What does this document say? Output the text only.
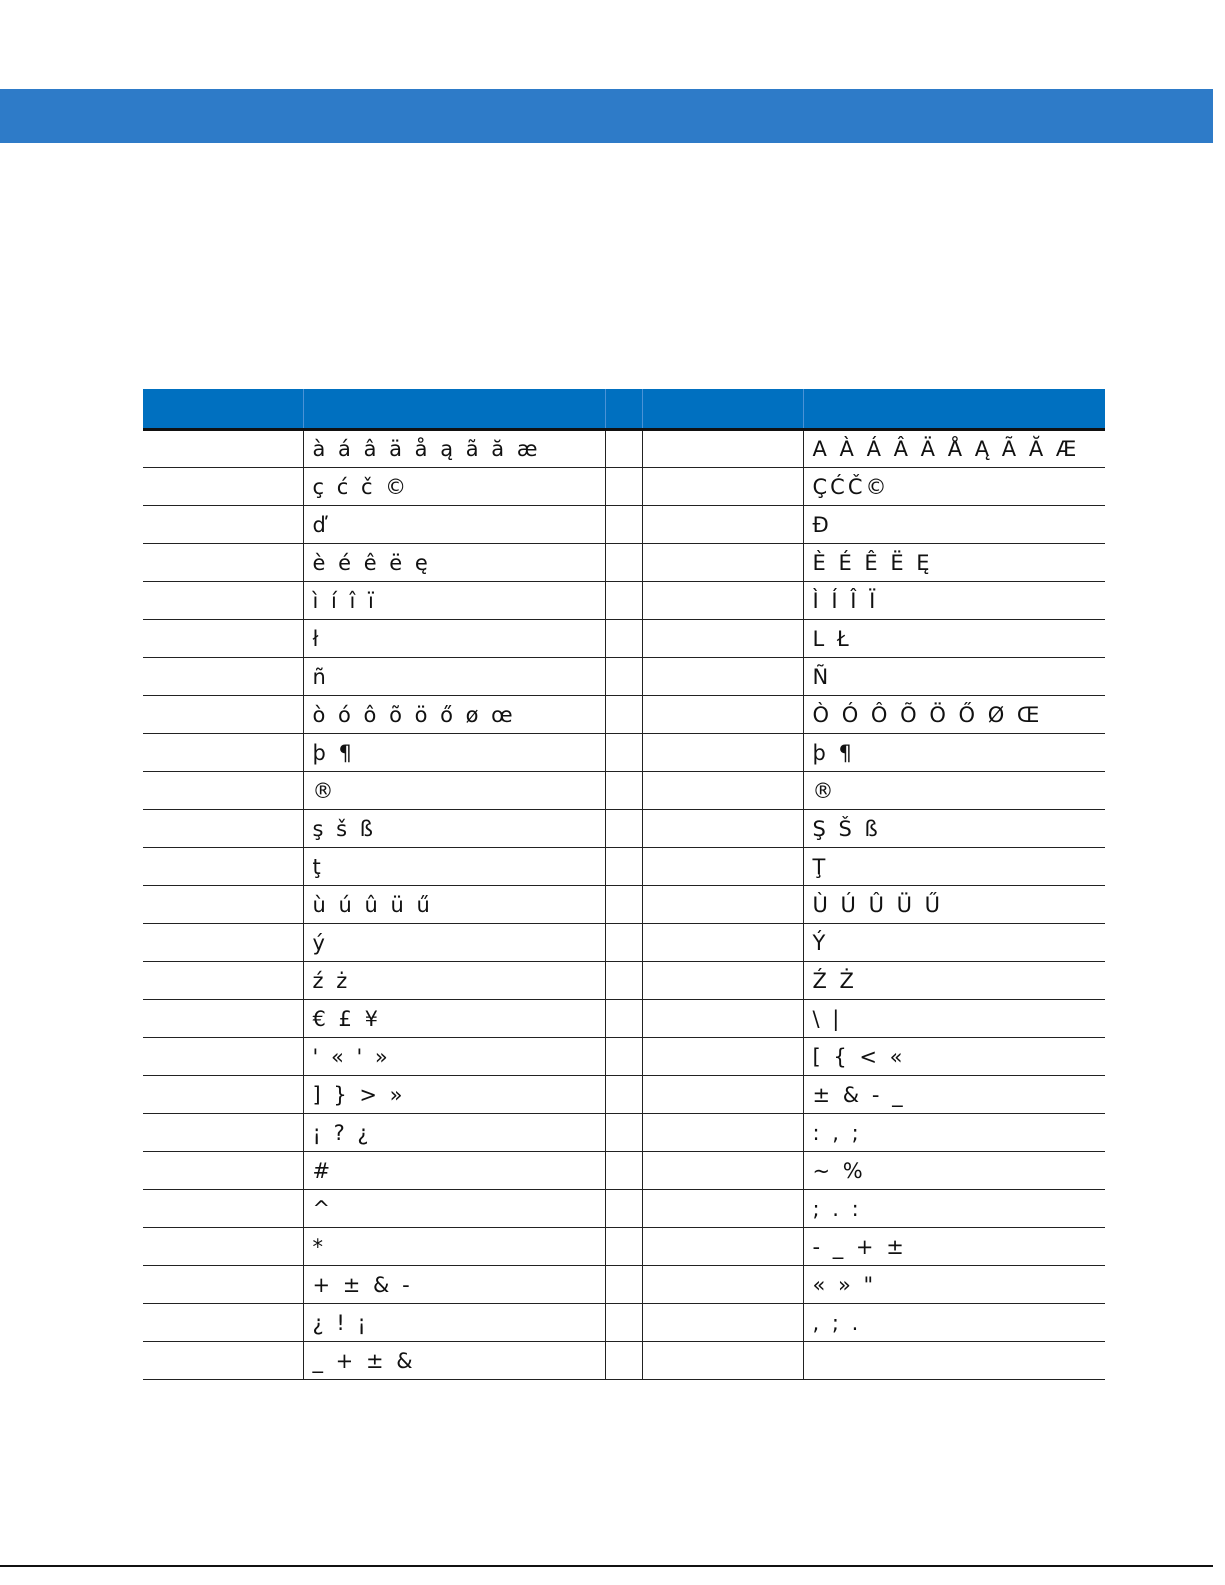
	à á â ä å ą ã ă æ			A À Á Â Ä Å Ą Ã Ă Æ
	ç ć č ©			ÇĆČ©
	ď			Đ
	è é ê ë ę			È É Ê Ë Ę
	ì í î ï			Ì Í Î Ï
	ł			L Ł
	ñ			Ñ
	ò ó ô õ ö ő ø œ			Ò Ó Ô Õ Ö Ő Ø Œ
	þ ¶			þ ¶
	®			®
	ş š ß			Ş Š ß
	ţ			Ţ
	ù ú û ü ű			Ù Ú Û Ü Ű
	ý			Ý
	ź ż			Ź Ż
	€ £ ¥			\ |
	' « ' »			[ { < «
	] } > »			± & - _
	¡ ? ¿			: , ;
	#			~ %
	^			; . :
	*			- _ + ±
	+ ± & -			« » "
	¿ ! ¡			, ; .
	_ + ± &			
